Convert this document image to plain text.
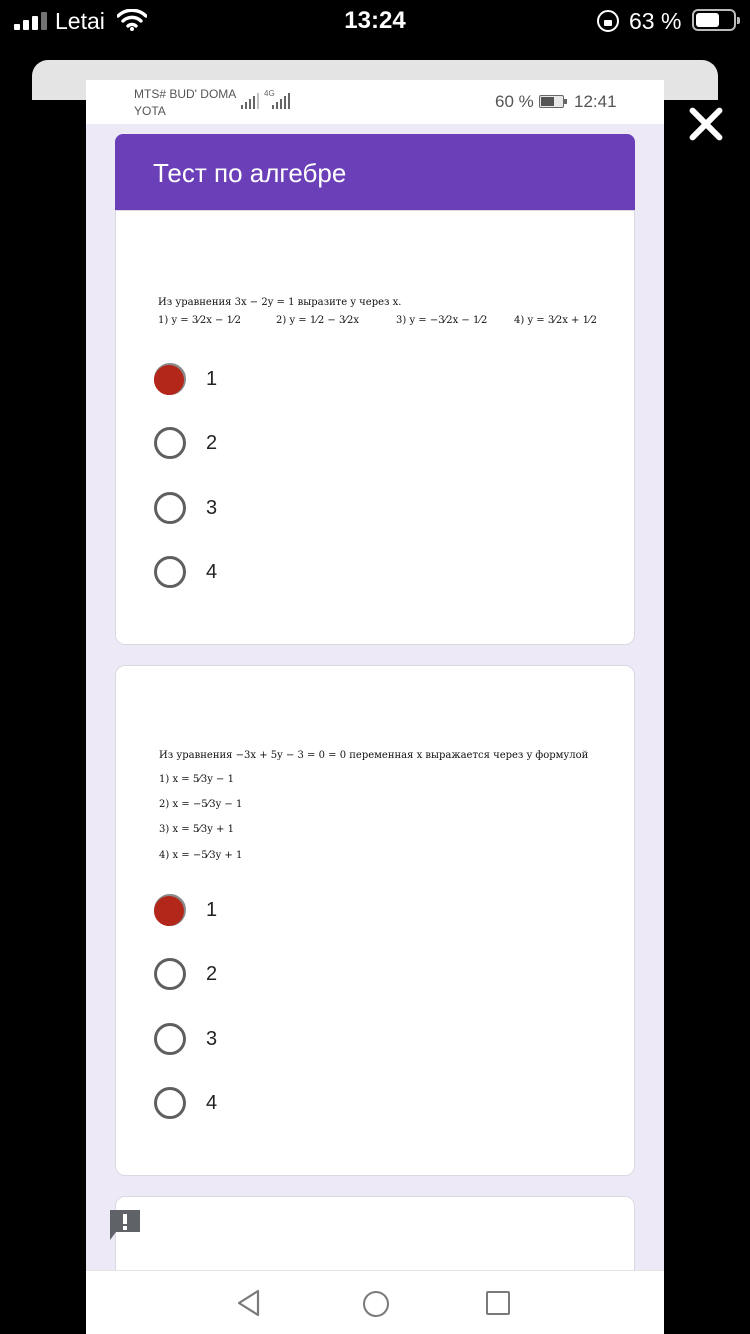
Letai	13:24	63 %
MTS# BUD' DOMA
YOTA
4G	60 % 12:41
Тест по алгебре
Из уравнения 3x − 2y = 1 выразите y через x.
1) y = 3⁄2x − 1⁄2	2) y = 1⁄2 − 3⁄2x	3) y = −3⁄2x − 1⁄2	4) y = 3⁄2x + 1⁄2
1
2
3
4
Из уравнения −3x + 5y − 3 = 0 = 0 переменная x выражается через y формулой
1) x = 5⁄3y − 1
2) x = −5⁄3y − 1
3) x = 5⁄3y + 1
4) x = −5⁄3y + 1
1
2
3
4
